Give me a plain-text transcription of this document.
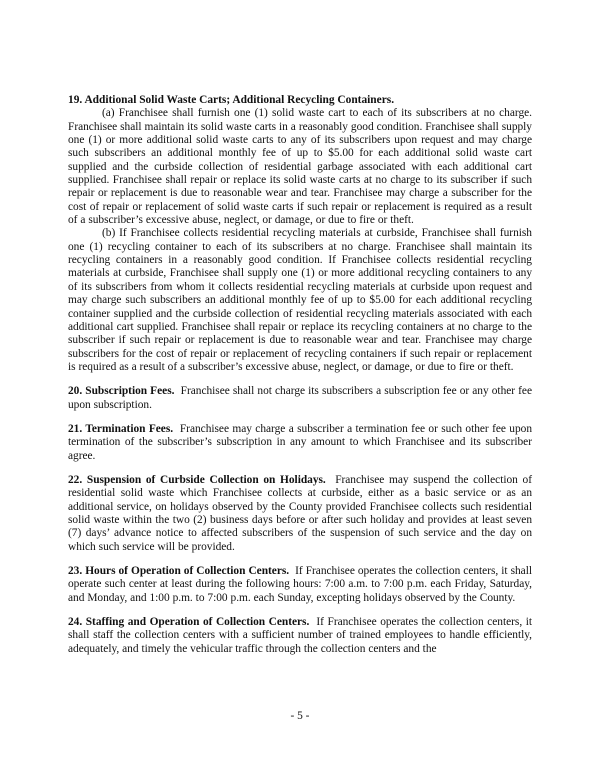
19. Additional Solid Waste Carts; Additional Recycling Containers.

(a) Franchisee shall furnish one (1) solid waste cart to each of its subscribers at no charge. Franchisee shall maintain its solid waste carts in a reasonably good condition. Franchisee shall supply one (1) or more additional solid waste carts to any of its subscribers upon request and may charge such subscribers an additional monthly fee of up to $5.00 for each additional solid waste cart supplied and the curbside collection of residential garbage associated with each additional cart supplied. Franchisee shall repair or replace its solid waste carts at no charge to its subscriber if such repair or replacement is due to reasonable wear and tear. Franchisee may charge a subscriber for the cost of repair or replacement of solid waste carts if such repair or replacement is required as a result of a subscriber’s excessive abuse, neglect, or damage, or due to fire or theft.

(b) If Franchisee collects residential recycling materials at curbside, Franchisee shall furnish one (1) recycling container to each of its subscribers at no charge. Franchisee shall maintain its recycling containers in a reasonably good condition. If Franchisee collects residential recycling materials at curbside, Franchisee shall supply one (1) or more additional recycling containers to any of its subscribers from whom it collects residential recycling materials at curbside upon request and may charge such subscribers an additional monthly fee of up to $5.00 for each additional recycling container supplied and the curbside collection of residential recycling materials associated with each additional cart supplied. Franchisee shall repair or replace its recycling containers at no charge to the subscriber if such repair or replacement is due to reasonable wear and tear. Franchisee may charge subscribers for the cost of repair or replacement of recycling containers if such repair or replacement is required as a result of a subscriber’s excessive abuse, neglect, or damage, or due to fire or theft.

20. Subscription Fees. Franchisee shall not charge its subscribers a subscription fee or any other fee upon subscription.

21. Termination Fees. Franchisee may charge a subscriber a termination fee or such other fee upon termination of the subscriber’s subscription in any amount to which Franchisee and its subscriber agree.

22. Suspension of Curbside Collection on Holidays. Franchisee may suspend the collection of residential solid waste which Franchisee collects at curbside, either as a basic service or as an additional service, on holidays observed by the County provided Franchisee collects such residential solid waste within the two (2) business days before or after such holiday and provides at least seven (7) days’ advance notice to affected subscribers of the suspension of such service and the day on which such service will be provided.

23. Hours of Operation of Collection Centers. If Franchisee operates the collection centers, it shall operate such center at least during the following hours: 7:00 a.m. to 7:00 p.m. each Friday, Saturday, and Monday, and 1:00 p.m. to 7:00 p.m. each Sunday, excepting holidays observed by the County.

24. Staffing and Operation of Collection Centers. If Franchisee operates the collection centers, it shall staff the collection centers with a sufficient number of trained employees to handle efficiently, adequately, and timely the vehicular traffic through the collection centers and the

- 5 -
